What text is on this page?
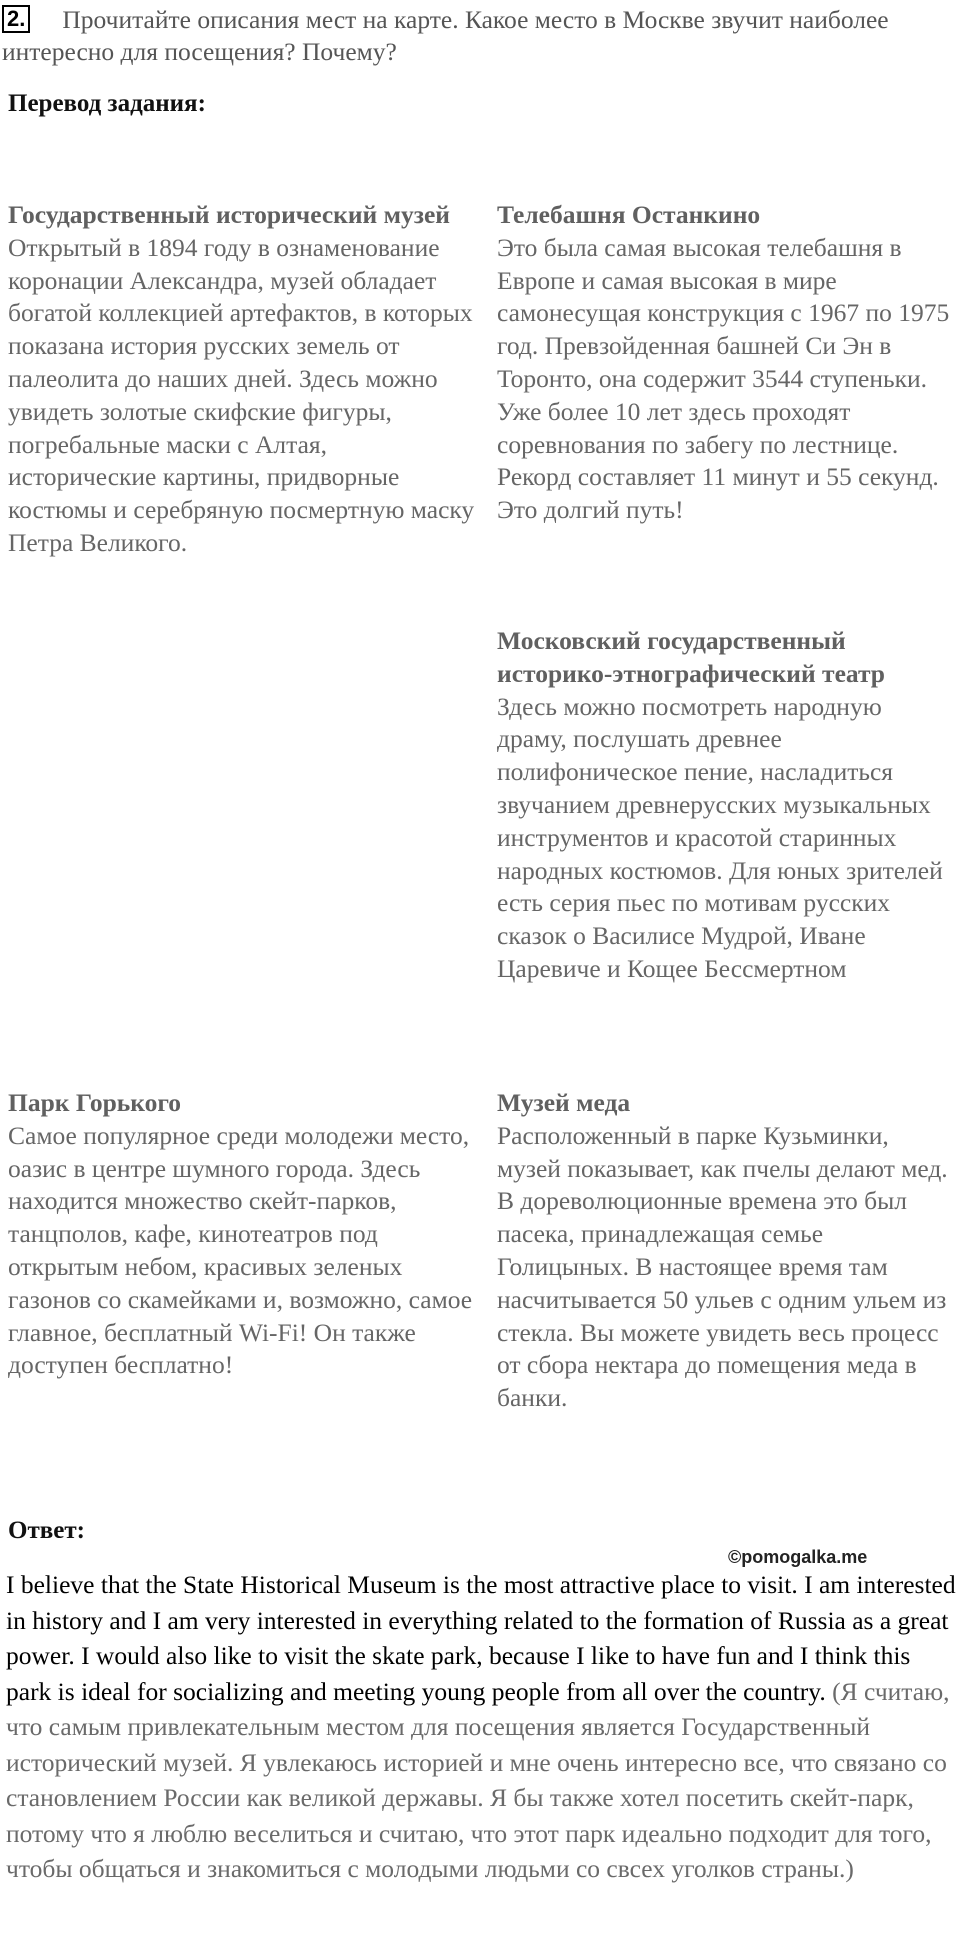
2. Прочитайте описания мест на карте. Какое место в Москве звучит наиболее интересно для посещения? Почему?
Перевод задания:
Государственный исторический музей
Открытый в 1894 году в ознаменование коронации Александра, музей обладает богатой коллекцией артефактов, в которых показана история русских земель от палеолита до наших дней. Здесь можно увидеть золотые скифские фигуры, погребальные маски с Алтая, исторические картины, придворные костюмы и серебряную посмертную маску Петра Великого.
Телебашня Останкино
Это была самая высокая телебашня в Европе и самая высокая в мире самонесущая конструкция с 1967 по 1975 год. Превзойденная башней Си Эн в Торонто, она содержит 3544 ступеньки. Уже более 10 лет здесь проходят соревнования по забегу по лестнице. Рекорд составляет 11 минут и 55 секунд. Это долгий путь!
Московский государственный историко-этнографический театр
Здесь можно посмотреть народную драму, послушать древнее полифоническое пение, насладиться звучанием древнерусских музыкальных инструментов и красотой старинных народных костюмов. Для юных зрителей есть серия пьес по мотивам русских сказок о Василисе Мудрой, Иване Царевиче и Кощее Бессмертном
Парк Горького
Самое популярное среди молодежи место, оазис в центре шумного города. Здесь находится множество скейт-парков, танцполов, кафе, кинотеатров под открытым небом, красивых зеленых газонов со скамейками и, возможно, самое главное, бесплатный Wi-Fi! Он также доступен бесплатно!
Музей меда
Расположенный в парке Кузьминки, музей показывает, как пчелы делают мед. В дореволюционные времена это был пасека, принадлежащая семье Голицыных. В настоящее время там насчитывается 50 ульев с одним ульем из стекла. Вы можете увидеть весь процесс от сбора нектара до помещения меда в банки.
Ответ:
©pomogalka.me
I believe that the State Historical Museum is the most attractive place to visit. I am interested in history and I am very interested in everything related to the formation of Russia as a great power. I would also like to visit the skate park, because I like to have fun and I think this park is ideal for socializing and meeting young people from all over the country. (Я считаю, что самым привлекательным местом для посещения является Государственный исторический музей. Я увлекаюсь историей и мне очень интересно все, что связано со становлением России как великой державы. Я бы также хотел посетить скейт-парк, потому что я люблю веселиться и считаю, что этот парк идеально подходит для того, чтобы общаться и знакомиться с молодыми людьми со свсех уголков страны.)
